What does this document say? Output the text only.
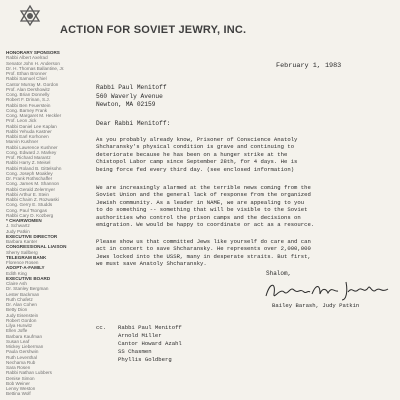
ACTION FOR SOVIET JEWRY, INC.
HONORARY SPONSORS
Rabbi Albert Axelrad
Senator John H. Anderson
Dr. H. Thomas Ballantine, Jr.
Prof. Ethan Bronner
Rabbi Samuel Chiel
Cantor Murray M. Gordon
Prof. Alan Dershowitz
Cong. Brian Donnelly
Robert F. Drinan, S.J.
Rabbi Ben Feuerstein
Cong. Barney Frank
Cong. Margaret M. Heckler
Prof. Leon Jick
Rabbi Daniel Lee Kaplan
Rabbi Yehuda Kastner
Rabbi Earl Korhonen
Marvin Kushner
Rabbi Lawrence Kushner
Cong. Edward J. Markey
Prof. Richard Marantz
Rabbi Harry Z. Meisel
Rabbi Roland B. Gittelsohn
Cong. Joseph Moakley
Dr. Frank Rothschaffer
Cong. James M. Shannon
Rabbi Gerald Zelermyer
Rabbi Arthur E. Stein
Rabbi Chaim Z. Rozwaski
Cong. Gerry E. Studds
Cong. Paul Tsongas
Rabbi Cary D. Kozberg
* CHAIRWOMEN
J. Schwartz
Judy Patkin
EXECUTIVE DIRECTOR
Barbara Kanter
CONGRESSIONAL LIAISON
Sherry Sallberg
TELEGRAM BANK
Florence Rosen
ADOPT-A-FAMILY
Edith King
EXECUTIVE BOARD
Claire Ash
Dr. Stanley Bergman
Lester Backman
Ruth Chafetz
Dr. Alan Cohen
Betty Dion
Judy Eisenstein
Robert Gordon
Lilya Hurwitz
Ellen Joffe
Barbara Kaufman
Susan Leaf
Mickey Lieberman
Paula Gershwin
Ruth Leventhal
Nechama Rub
Sara Rosen
Rabbi Nathan Lubbers
Denise Simon
Bob Weiner
Lenny Weston
Bettina Wolf
February 1, 1983
Rabbi Paul Menitoff
560 Waverly Avenue
Newton, MA 02159
Dear Rabbi Menitoff:
As you probably already know, Prisoner of Conscience Anatoly
Shcharansky's physical condition is grave and continuing to
deteriorate because he has been on a hunger strike at the
Chistopol Labor camp since September 28th, for 4 days. He is
being force fed every third day. (see enclosed information)
We are increasingly alarmed at the terrible news coming from the
Soviet Union and the general lack of response from the organized
Jewish community. As a leader in NAME, we are appealing to you
to do something -- something that will be visible to the Soviet
authorities who control the prison camps and the decisions on
emigration. We would be happy to coordinate or act as a resource.
Please show us that committed Jews like yourself do care and can
act in concert to save Shcharansky. He represents over 2,000,000
Jews locked into the USSR, many in desperate straits. But first,
we must save Anatoly Shcharansky.
Shalom,
Bailey Barash, Judy Patkin
cc. Rabbi Paul Menitoff
Arnold Miller
Cantor Howard Azahl
SS Chasmen
Phyllis Goldberg
